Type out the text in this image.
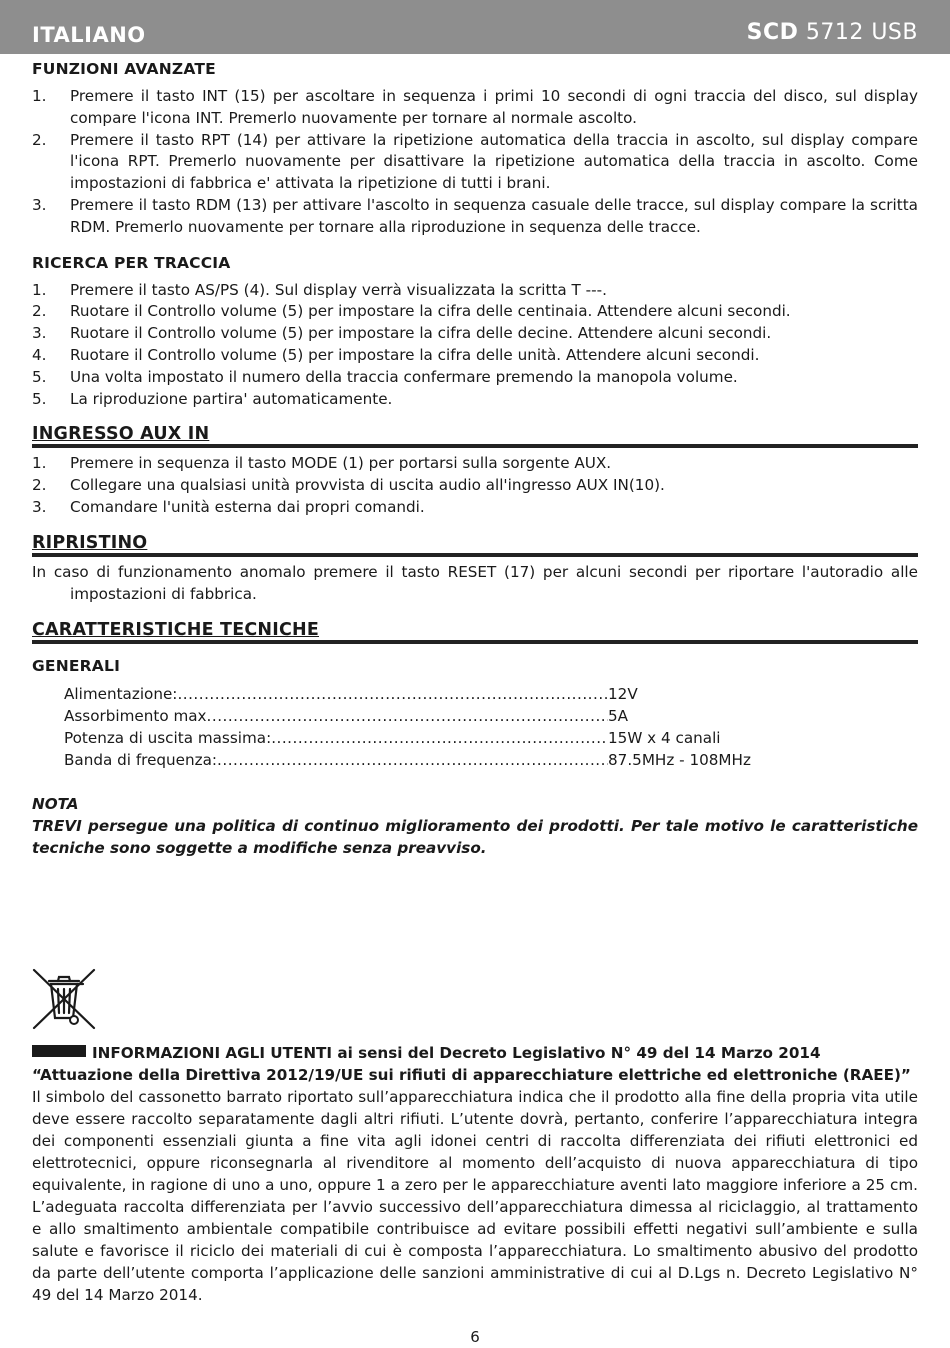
ITALIANO	SCD 5712 USB
FUNZIONI AVANZATE
1. Premere il tasto INT (15) per ascoltare in sequenza i primi 10 secondi di ogni traccia del disco, sul display compare l'icona INT. Premerlo nuovamente per tornare al normale ascolto.
2. Premere il tasto RPT (14) per attivare la ripetizione automatica della traccia in ascolto, sul display compare l'icona RPT. Premerlo nuovamente per disattivare la ripetizione automatica della traccia in ascolto. Come impostazioni di fabbrica e' attivata la ripetizione di tutti i brani.
3. Premere il tasto RDM (13) per attivare l'ascolto in sequenza casuale delle tracce, sul display compare la scritta RDM. Premerlo nuovamente per tornare alla riproduzione in sequenza delle tracce.
RICERCA PER TRACCIA
1. Premere il tasto AS/PS (4). Sul display verrà visualizzata la scritta T ---.
2. Ruotare il Controllo volume (5) per impostare la cifra delle centinaia. Attendere alcuni secondi.
3. Ruotare il Controllo volume (5) per impostare la cifra delle decine. Attendere alcuni secondi.
4. Ruotare il Controllo volume (5) per impostare la cifra delle unità. Attendere alcuni secondi.
5. Una volta impostato il numero della traccia confermare premendo la manopola volume.
5. La riproduzione partira' automaticamente.
INGRESSO AUX IN
1. Premere in sequenza il tasto MODE (1) per portarsi sulla sorgente AUX.
2. Collegare una qualsiasi unità provvista di uscita audio all'ingresso AUX IN(10).
3. Comandare l'unità esterna dai propri comandi.
RIPRISTINO

In caso di funzionamento anomalo premere il tasto RESET (17) per alcuni secondi per riportare l'autoradio alle impostazioni di fabbrica.

CARATTERISTICHE TECNICHE
GENERALI
Alimentazione: .....	12V
Assorbimento max .....	5A
Potenza di uscita massima: .....	15W x 4 canali
Banda di frequenza: .....	87.5MHz - 108MHz

NOTA

TREVI persegue una politica di continuo miglioramento dei prodotti. Per tale motivo le caratteristiche tecniche sono soggette a modifiche senza preavviso.

INFORMAZIONI AGLI UTENTI ai sensi del Decreto Legislativo N° 49 del 14 Marzo 2014

“Attuazione della Direttiva 2012/19/UE sui rifiuti di apparecchiature elettriche ed elettroniche (RAEE)”

Il simbolo del cassonetto barrato riportato sull’apparecchiatura indica che il prodotto alla fine della propria vita utile deve essere raccolto separatamente dagli altri rifiuti. L’utente dovrà, pertanto, conferire l’apparecchiatura integra dei componenti essenziali giunta a fine vita agli idonei centri di raccolta differenziata dei rifiuti elettronici ed elettrotecnici, oppure riconsegnarla al rivenditore al momento dell’acquisto di nuova apparecchiatura di tipo equivalente, in ragione di uno a uno, oppure 1 a zero per le apparecchiature aventi lato maggiore inferiore a 25 cm. L’adeguata raccolta differenziata per l’avvio successivo dell’apparecchiatura dimessa al riciclaggio, al trattamento e allo smaltimento ambientale compatibile contribuisce ad evitare possibili effetti negativi sull’ambiente e sulla salute e favorisce il riciclo dei materiali di cui è composta l’apparecchiatura. Lo smaltimento abusivo del prodotto da parte dell’utente comporta l’applicazione delle sanzioni amministrative di cui al D.Lgs n. Decreto Legislativo N° 49 del 14 Marzo 2014.

6
